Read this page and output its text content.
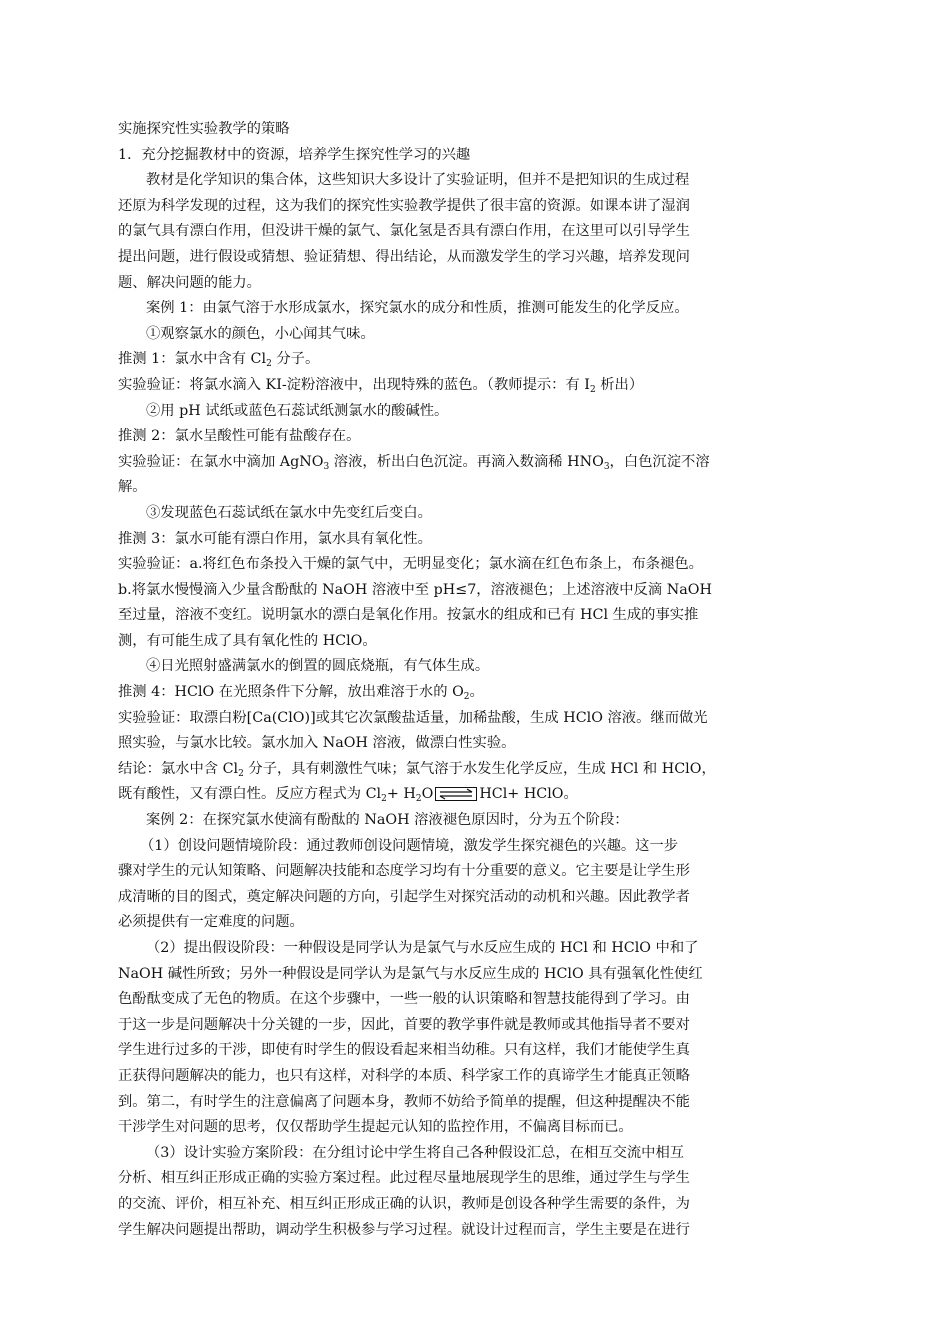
实施探究性实验教学的策略
1．充分挖掘教材中的资源，培养学生探究性学习的兴趣
教材是化学知识的集合体，这些知识大多设计了实验证明，但并不是把知识的生成过程
还原为科学发现的过程，这为我们的探究性实验教学提供了很丰富的资源。如课本讲了湿润
的氯气具有漂白作用，但没讲干燥的氯气、氯化氢是否具有漂白作用，在这里可以引导学生
提出问题，进行假设或猜想、验证猜想、得出结论，从而激发学生的学习兴趣，培养发现问
题、解决问题的能力。
案例 1：由氯气溶于水形成氯水，探究氯水的成分和性质，推测可能发生的化学反应。
①观察氯水的颜色，小心闻其气味。
推测 1：氯水中含有 $Cl_2$ 分子。
实验验证：将氯水滴入 KI-淀粉溶液中，出现特殊的蓝色。（教师提示：有 $I_2$ 析出）
②用 pH 试纸或蓝色石蕊试纸测氯水的酸碱性。
推测 2：氯水呈酸性可能有盐酸存在。
实验验证：在氯水中滴加 AgNO$_3$ 溶液，析出白色沉淀。再滴入数滴稀 $HNO_3$，白色沉淀不溶
解。
③发现蓝色石蕊试纸在氯水中先变红后变白。
推测 3：氯水可能有漂白作用，氯水具有氧化性。
实验验证：a.将红色布条投入干燥的氯气中，无明显变化；氯水滴在红色布条上，布条褪色。
b.将氯水慢慢滴入少量含酚酞的 NaOH 溶液中至 pH≤7，溶液褪色；上述溶液中反滴 NaOH
至过量，溶液不变红。说明氯水的漂白是氧化作用。按氯水的组成和已有 HCl 生成的事实推
测，有可能生成了具有氧化性的 HClO。
④日光照射盛满氯水的倒置的圆底烧瓶，有气体生成。
推测 4：HClO 在光照条件下分解，放出难溶于水的 $O_2$。
实验验证：取漂白粉[Ca(ClO)]或其它次氯酸盐适量，加稀盐酸，生成 HClO 溶液。继而做光
照实验，与氯水比较。氯水加入 NaOH 溶液，做漂白性实验。
结论：氯水中含 $Cl_2$ 分子，具有刺激性气味；氯气溶于水发生化学反应，生成 HCl 和 HClO，
既有酸性，又有漂白性。反应方程式为 $Cl_2+ H_2O$	HCl+ HClO。
案例 2：在探究氯水使滴有酚酞的 NaOH 溶液褪色原因时，分为五个阶段：
（1）创设问题情境阶段：通过教师创设问题情境，激发学生探究褪色的兴趣。这一步
骤对学生的元认知策略、问题解决技能和态度学习均有十分重要的意义。它主要是让学生形
成清晰的目的图式，奠定解决问题的方向，引起学生对探究活动的动机和兴趣。因此教学者
必须提供有一定难度的问题。
（2）提出假设阶段：一种假设是同学认为是氯气与水反应生成的 HCl 和 HClO 中和了
NaOH 碱性所致；另外一种假设是同学认为是氯气与水反应生成的 HClO 具有强氧化性使红
色酚酞变成了无色的物质。在这个步骤中，一些一般的认识策略和智慧技能得到了学习。由
于这一步是问题解决十分关键的一步，因此，首要的教学事件就是教师或其他指导者不要对
学生进行过多的干涉，即使有时学生的假设看起来相当幼稚。只有这样，我们才能使学生真
正获得问题解决的能力，也只有这样，对科学的本质、科学家工作的真谛学生才能真正领略
到。第二，有时学生的注意偏离了问题本身，教师不妨给予简单的提醒，但这种提醒决不能
干涉学生对问题的思考，仅仅帮助学生提起元认知的监控作用，不偏离目标而已。
（3）设计实验方案阶段：在分组讨论中学生将自己各种假设汇总，在相互交流中相互
分析、相互纠正形成正确的实验方案过程。此过程尽量地展现学生的思维，通过学生与学生
的交流、评价，相互补充、相互纠正形成正确的认识，教师是创设各种学生需要的条件，为
学生解决问题提出帮助，调动学生积极参与学习过程。就设计过程而言，学生主要是在进行
